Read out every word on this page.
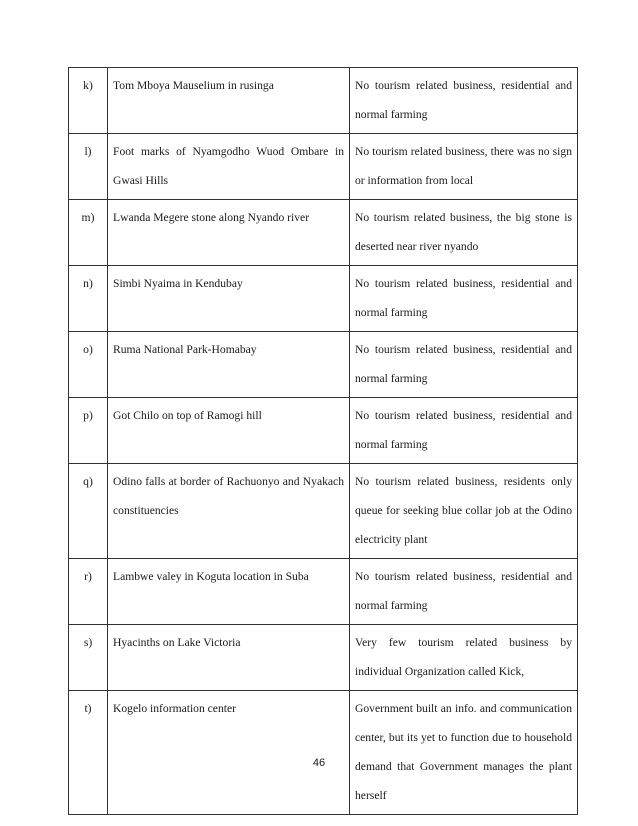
k)	Tom Mboya Mauselium in rusinga	No tourism related business, residential and normal farming
l)	Foot marks of Nyamgodho Wuod Ombare in Gwasi Hills	No tourism related business, there was no sign or information from local
m)	Lwanda Megere stone along Nyando river	No tourism related business, the big stone is deserted near river nyando
n)	Simbi Nyaima in Kendubay	No tourism related business, residential and normal farming
o)	Ruma National Park-Homabay	No tourism related business, residential and normal farming
p)	Got Chilo on top of Ramogi hill	No tourism related business, residential and normal farming
q)	Odino falls at border of Rachuonyo and Nyakach constituencies	No tourism related business, residents only queue for seeking blue collar job at the Odino electricity plant
r)	Lambwe valey in Koguta location in Suba	No tourism related business, residential and normal farming
s)	Hyacinths on Lake Victoria	Very few tourism related business by individual Organization called Kick,
t)	Kogelo information center	Government built an info. and communication center, but its yet to function due to household demand that Government manages the plant herself
46
